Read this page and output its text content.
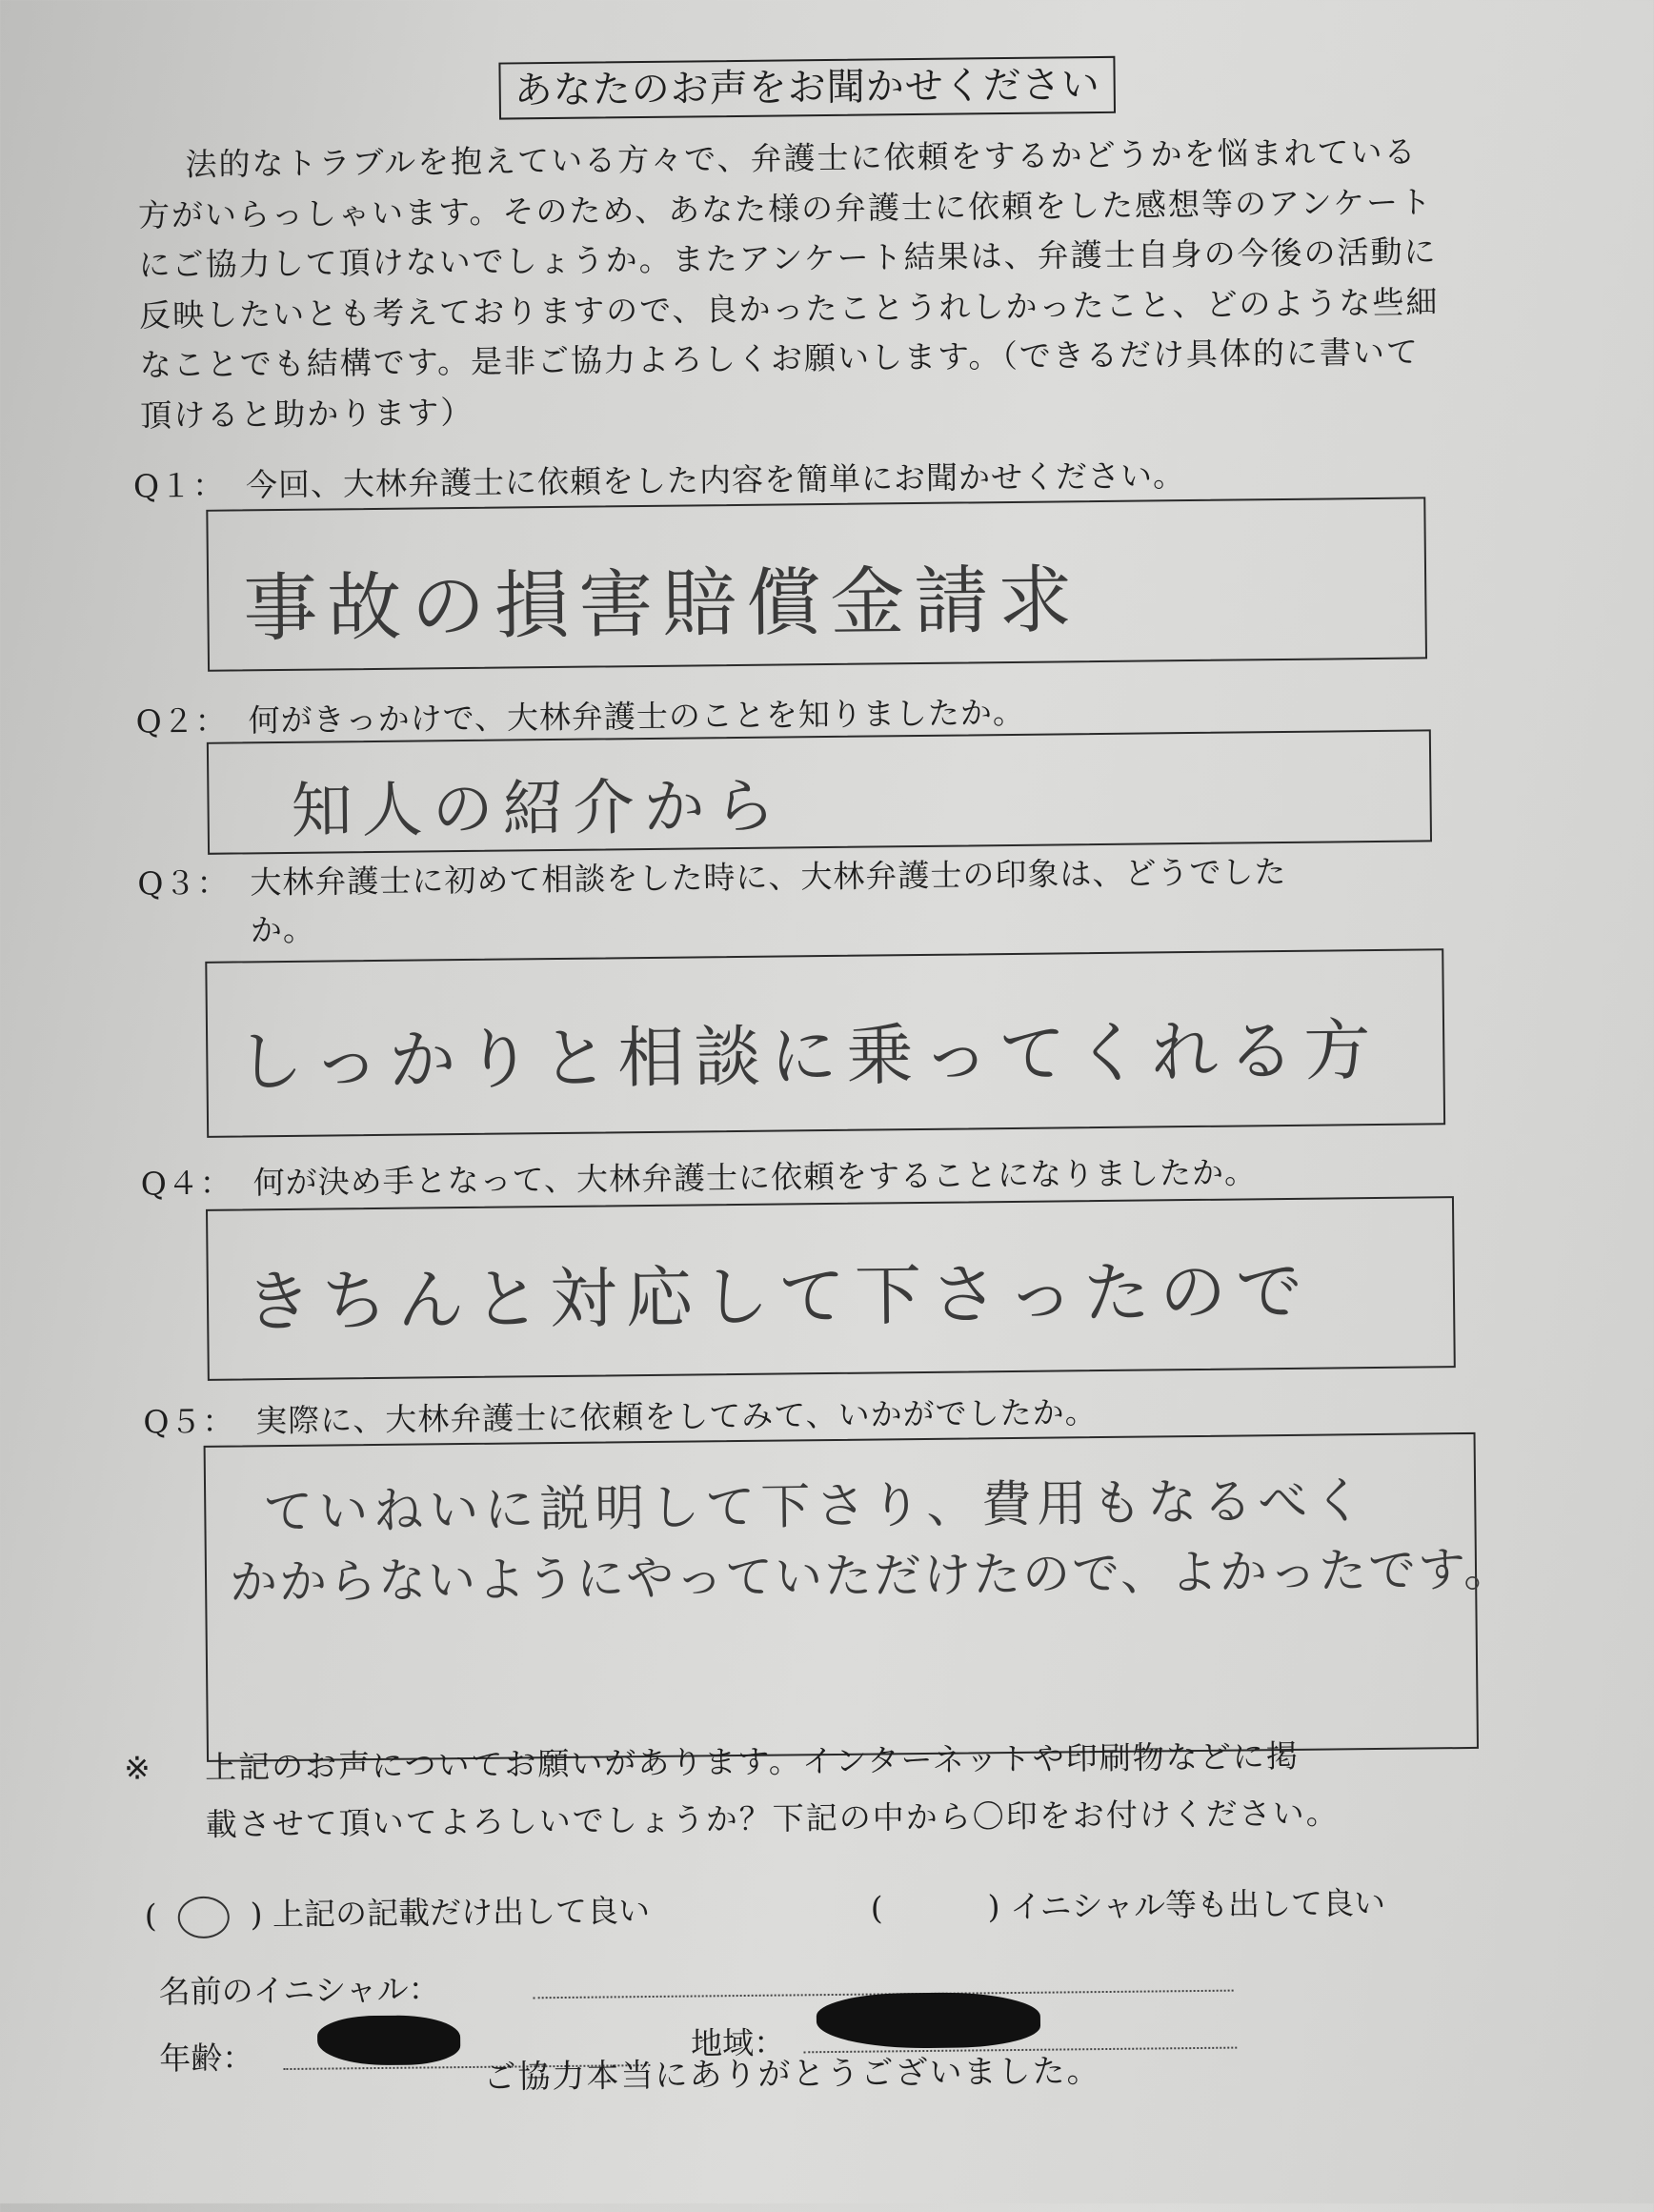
あなたのお声をお聞かせください

法的なトラブルを抱えている方々で、弁護士に依頼をするかどうかを悩まれている方がいらっしゃいます。そのため、あなた様の弁護士に依頼をした感想等のアンケートにご協力して頂けないでしょうか。またアンケート結果は、弁護士自身の今後の活動に反映したいとも考えておりますので、良かったことうれしかったこと、どのような些細なことでも結構です。是非ご協力よろしくお願いします。（できるだけ具体的に書いて頂けると助かります）

Q１： 今回、大林弁護士に依頼をした内容を簡単にお聞かせください。
事故の損害賠償金請求
Q２： 何がきっかけで、大林弁護士のことを知りましたか。
知人の紹介から
Q３： 大林弁護士に初めて相談をした時に、大林弁護士の印象は、どうでした
か。
しっかりと相談に乗ってくれる方
Q４： 何が決め手となって、大林弁護士に依頼をすることになりましたか。
きちんと対応して下さったので
Q５： 実際に、大林弁護士に依頼をしてみて、いかがでしたか。
ていねいに説明して下さり、費用もなるべく
かからないようにやっていただけたので、よかったです。
※ 上記のお声についてお願いがあります。インターネットや印刷物などに掲
載させて頂いてよろしいでしょうか？下記の中から〇印をお付けください。
( ○ ) 上記の記載だけ出して良い	(	) イニシャル等も出して良い
名前のイニシャル：
年齢：	地域：
ご協力本当にありがとうございました。
